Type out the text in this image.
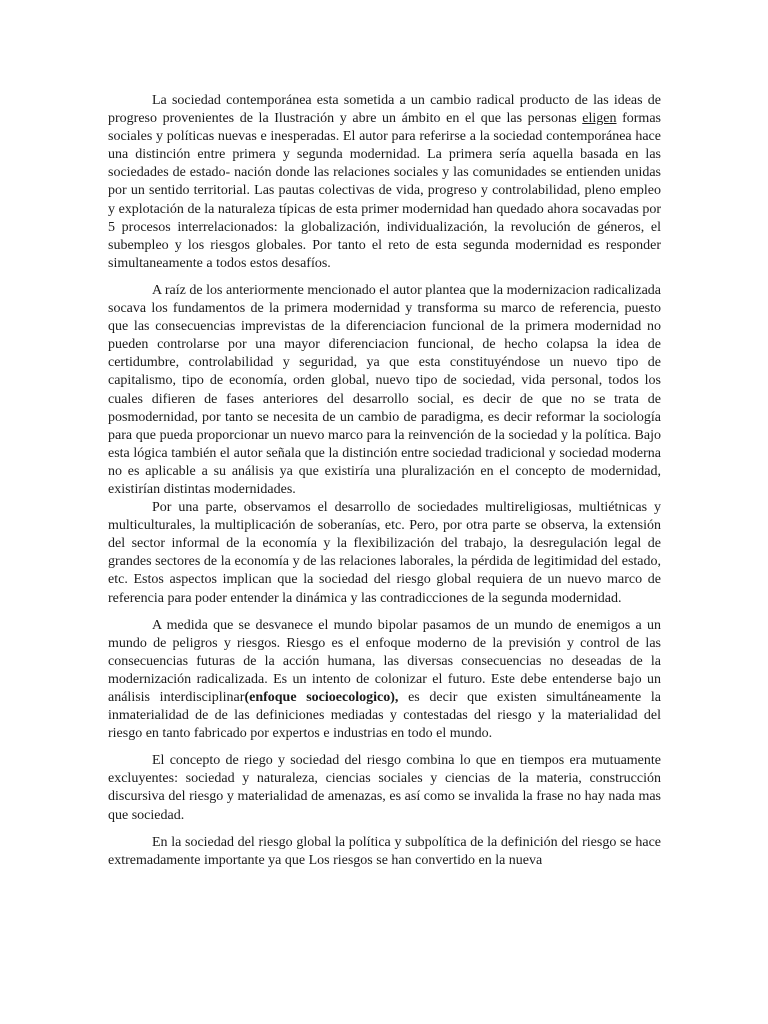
La sociedad contemporánea esta sometida a un cambio radical producto de las ideas de progreso provenientes de la Ilustración y abre un ámbito en el que las personas eligen formas sociales y políticas nuevas e inesperadas. El autor para referirse a la sociedad contemporánea hace una distinción entre primera y segunda modernidad. La primera sería aquella basada en las sociedades de estado- nación donde las relaciones sociales y las comunidades se entienden unidas por un sentido territorial. Las pautas colectivas de vida, progreso y controlabilidad, pleno empleo y explotación de la naturaleza típicas de esta primer modernidad han quedado ahora socavadas por 5 procesos interrelacionados: la globalización, individualización, la revolución de géneros, el subempleo y los riesgos globales. Por tanto el reto de esta segunda modernidad es responder simultaneamente a todos estos desafíos.

A raíz de los anteriormente mencionado el autor plantea que la modernizacion radicalizada socava los fundamentos de la primera modernidad y transforma su marco de referencia, puesto que las consecuencias imprevistas de la diferenciacion funcional de la primera modernidad no pueden controlarse por una mayor diferenciacion funcional, de hecho colapsa la idea de certidumbre, controlabilidad y seguridad, ya que esta constituyéndose un nuevo tipo de capitalismo, tipo de economía, orden global, nuevo tipo de sociedad, vida personal, todos los cuales difieren de fases anteriores del desarrollo social, es decir de que no se trata de posmodernidad, por tanto se necesita de un cambio de paradigma, es decir reformar la sociología para que pueda proporcionar un nuevo marco para la reinvención de la sociedad y la política. Bajo esta lógica también el autor señala que la distinción entre sociedad tradicional y sociedad moderna no es aplicable a su análisis ya que existiría una pluralización en el concepto de modernidad, existirían distintas modernidades.

Por una parte, observamos el desarrollo de sociedades multireligiosas, multiétnicas y multiculturales, la multiplicación de soberanías, etc. Pero, por otra parte se observa, la extensión del sector informal de la economía y la flexibilización del trabajo, la desregulación legal de grandes sectores de la economía y de las relaciones laborales, la pérdida de legitimidad del estado, etc. Estos aspectos implican que la sociedad del riesgo global requiera de un nuevo marco de referencia para poder entender la dinámica y las contradicciones de la segunda modernidad.

A medida que se desvanece el mundo bipolar pasamos de un mundo de enemigos a un mundo de peligros y riesgos. Riesgo es el enfoque moderno de la previsión y control de las consecuencias futuras de la acción humana, las diversas consecuencias no deseadas de la modernización radicalizada. Es un intento de colonizar el futuro. Este debe entenderse bajo un análisis interdisciplinar(enfoque socioecologico), es decir que existen simultáneamente la inmaterialidad de de las definiciones mediadas y contestadas del riesgo y la materialidad del riesgo en tanto fabricado por expertos e industrias en todo el mundo.

El concepto de riego y sociedad del riesgo combina lo que en tiempos era mutuamente excluyentes: sociedad y naturaleza, ciencias sociales y ciencias de la materia, construcción discursiva del riesgo y materialidad de amenazas, es así como se invalida la frase no hay nada mas que sociedad.

En la sociedad del riesgo global la política y subpolítica de la definición del riesgo se hace extremadamente importante ya que Los riesgos se han convertido en la nueva
